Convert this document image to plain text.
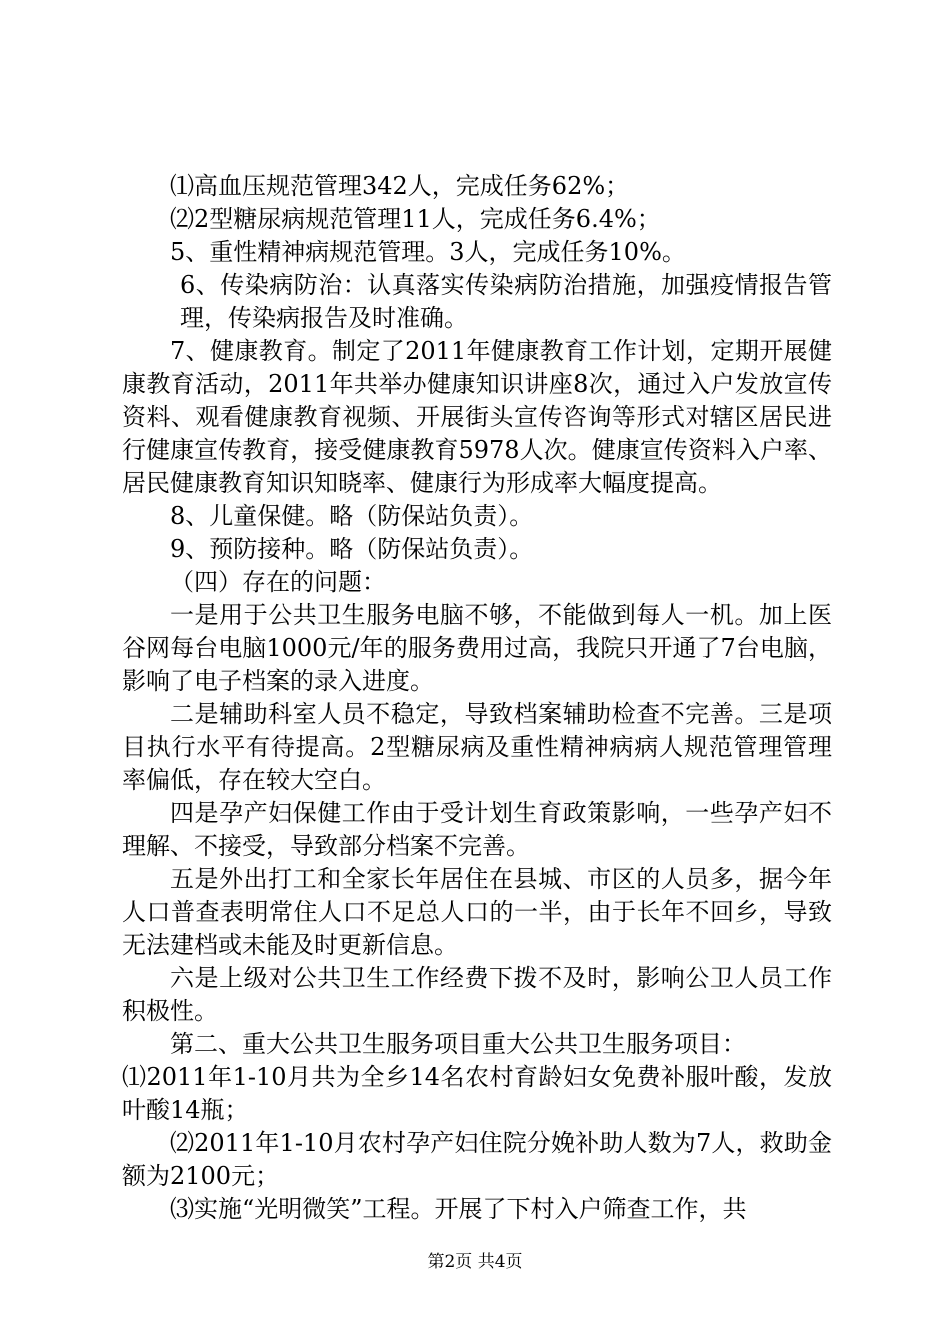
⑴高血压规范管理342人，完成任务62%；

⑵2型糖尿病规范管理11人，完成任务6.4%；

5、重性精神病规范管理。3人，完成任务10%。

6、传染病防治：认真落实传染病防治措施，加强疫情报告管理，传染病报告及时准确。

7、健康教育。制定了2011年健康教育工作计划，定期开展健康教育活动，2011年共举办健康知识讲座8次，通过入户发放宣传资料、观看健康教育视频、开展街头宣传咨询等形式对辖区居民进行健康宣传教育，接受健康教育5978人次。健康宣传资料入户率、居民健康教育知识知晓率、健康行为形成率大幅度提高。

8、儿童保健。略（防保站负责）。

9、预防接种。略（防保站负责）。

（四）存在的问题：

一是用于公共卫生服务电脑不够，不能做到每人一机。加上医谷网每台电脑1000元/年的服务费用过高，我院只开通了7台电脑，影响了电子档案的录入进度。

二是辅助科室人员不稳定，导致档案辅助检查不完善。三是项目执行水平有待提高。2型糖尿病及重性精神病病人规范管理管理率偏低，存在较大空白。

四是孕产妇保健工作由于受计划生育政策影响，一些孕产妇不理解、不接受，导致部分档案不完善。

五是外出打工和全家长年居住在县城、市区的人员多，据今年人口普查表明常住人口不足总人口的一半，由于长年不回乡，导致无法建档或未能及时更新信息。

六是上级对公共卫生工作经费下拨不及时，影响公卫人员工作积极性。

第二、重大公共卫生服务项目重大公共卫生服务项目：

⑴2011年1-10月共为全乡14名农村育龄妇女免费补服叶酸，发放叶酸14瓶；

⑵2011年1-10月农村孕产妇住院分娩补助人数为7人，救助金额为2100元；

⑶实施“光明微笑”工程。开展了下村入户筛查工作，共

第2页 共4页
